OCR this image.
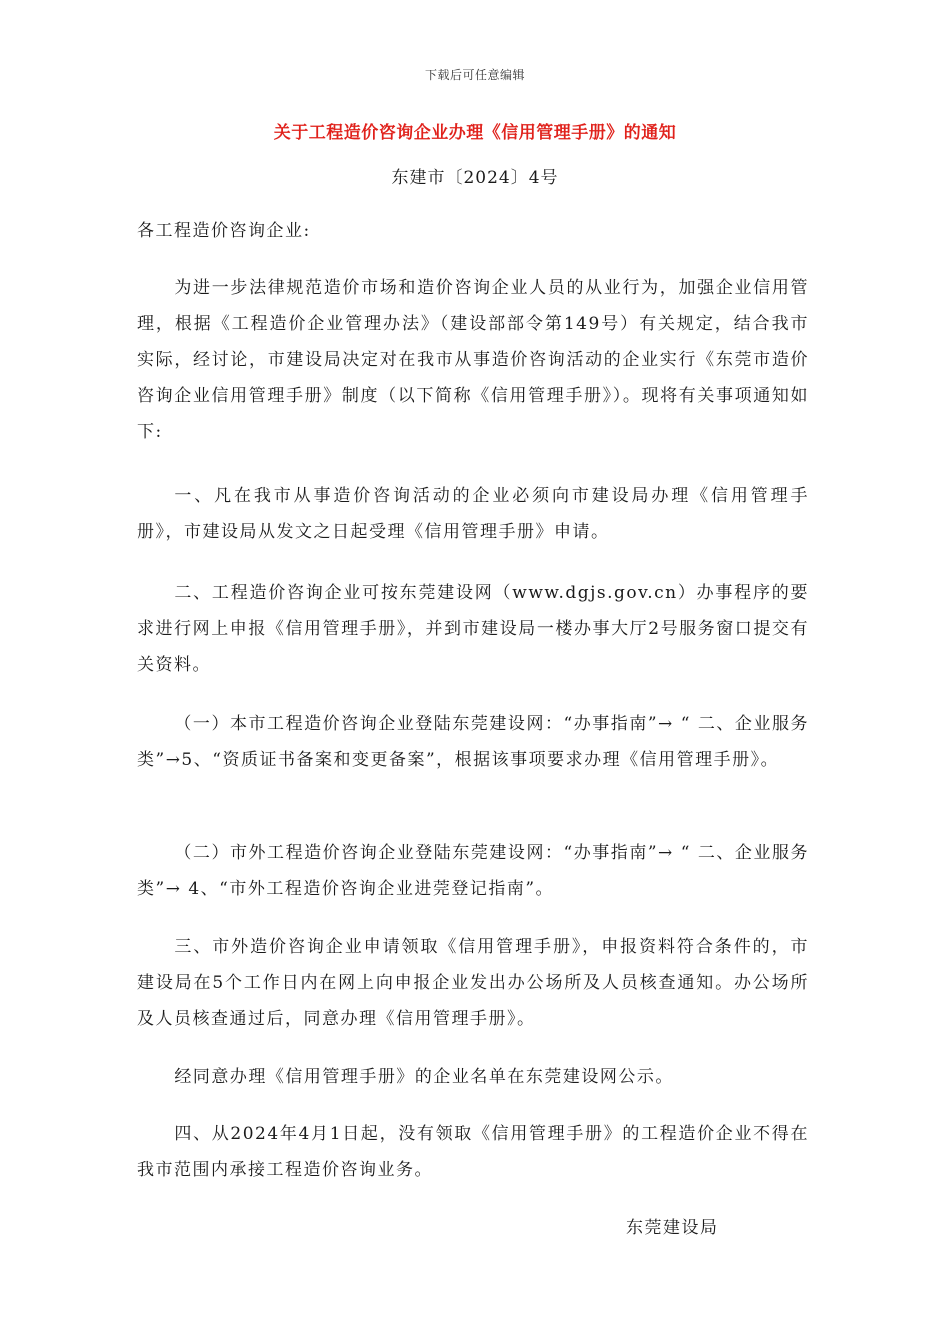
下载后可任意编辑
关于工程造价咨询企业办理《信用管理手册》的通知
东建市〔2024〕4号
各工程造价咨询企业:
为进一步法律规范造价市场和造价咨询企业人员的从业行为，加强企业信用管理，根据《工程造价企业管理办法》（建设部部令第149号）有关规定，结合我市实际，经讨论，市建设局决定对在我市从事造价咨询活动的企业实行《东莞市造价咨询企业信用管理手册》制度（以下简称《信用管理手册》）。现将有关事项通知如下:
一、凡在我市从事造价咨询活动的企业必须向市建设局办理《信用管理手册》，市建设局从发文之日起受理《信用管理手册》申请。
二、工程造价咨询企业可按东莞建设网（www.dgjs.gov.cn）办事程序的要求进行网上申报《信用管理手册》，并到市建设局一楼办事大厅2号服务窗口提交有关资料。
（一）本市工程造价咨询企业登陆东莞建设网：“办事指南”→ “ 二、企业服务类”→5、“资质证书备案和变更备案”，根据该事项要求办理《信用管理手册》。
（二）市外工程造价咨询企业登陆东莞建设网：“办事指南”→ “ 二、企业服务类”→ 4、“市外工程造价咨询企业进莞登记指南”。
三、市外造价咨询企业申请领取《信用管理手册》，申报资料符合条件的，市建设局在5个工作日内在网上向申报企业发出办公场所及人员核查通知。办公场所及人员核查通过后，同意办理《信用管理手册》。
经同意办理《信用管理手册》的企业名单在东莞建设网公示。
四、从2024年4月1日起，没有领取《信用管理手册》的工程造价企业不得在我市范围内承接工程造价咨询业务。
东莞建设局
